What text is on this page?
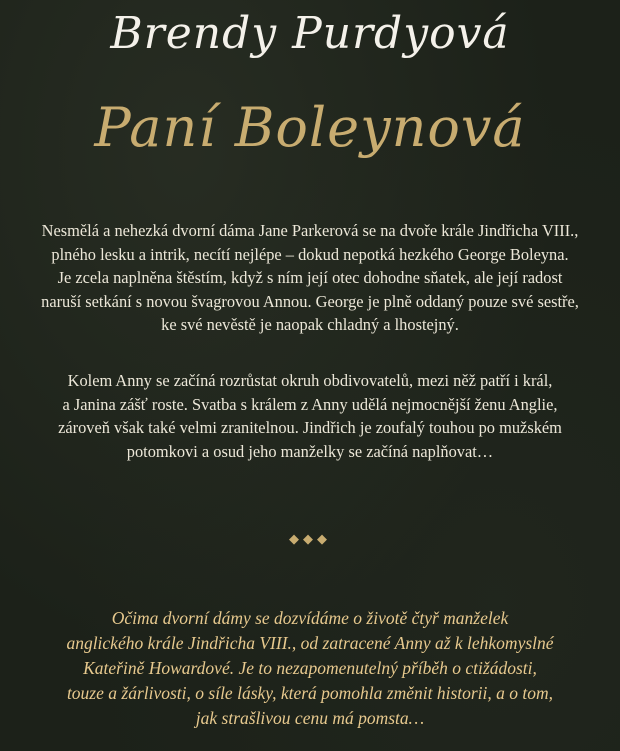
Brendy Purdyová
Paní Boleynová
Nesmělá a nehezká dvorní dáma Jane Parkerová se na dvoře krále Jindřicha VIII.,
plného lesku a intrik, necítí nejlépe – dokud nepotká hezkého George Boleyna.
Je zcela naplněna štěstím, když s ním její otec dohodne sňatek, ale její radost
naruší setkání s novou švagrovou Annou. George je plně oddaný pouze své sestře,
ke své nevěstě je naopak chladný a lhostejný.
Kolem Anny se začíná rozrůstat okruh obdivovatelů, mezi něž patří i král,
a Janina zášť roste. Svatba s králem z Anny udělá nejmocnější ženu Anglie,
zároveň však také velmi zranitelnou. Jindřich je zoufalý touhou po mužském
potomkovi a osud jeho manželky se začíná naplňovat…
◆◆◆
Očima dvorní dámy se dozvídáme o životě čtyř manželek
anglického krále Jindřicha VIII., od zatracené Anny až k lehkomyslné
Kateřině Howardové. Je to nezapomenutelný příběh o ctižádosti,
touze a žárlivosti, o síle lásky, která pomohla změnit historii, a o tom,
jak strašlivou cenu má pomsta…
